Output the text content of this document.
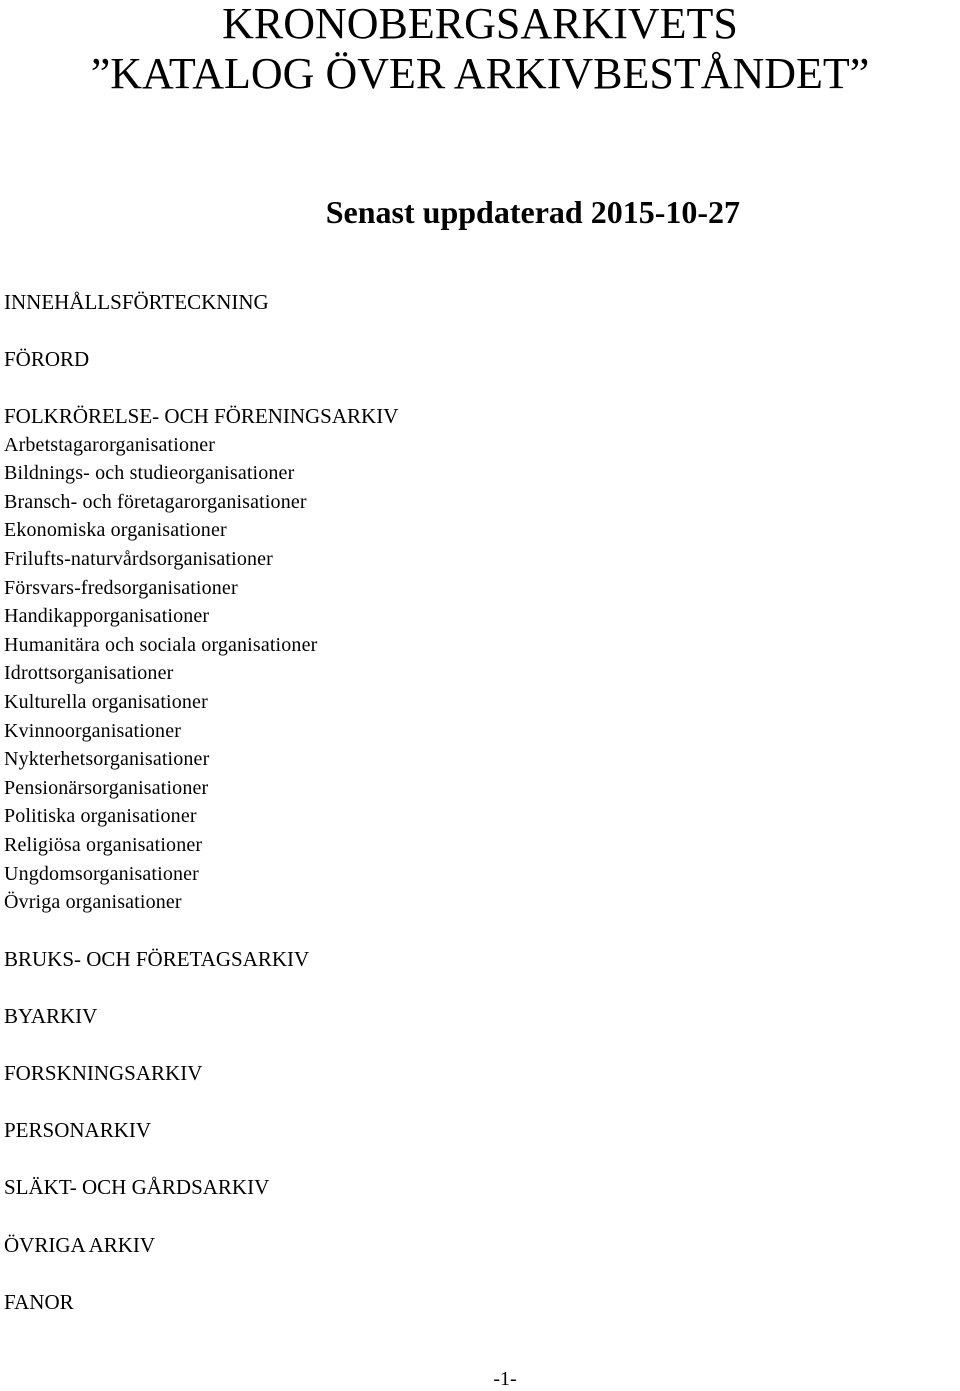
KRONOBERGSARKIVETS
”KATALOG ÖVER ARKIVBESTÅNDET”
Senast uppdaterad 2015-10-27
INNEHÅLLSFÖRTECKNING
FÖRORD
FOLKRÖRELSE- OCH FÖRENINGSARKIV
Arbetstagarorganisationer
Bildnings- och studieorganisationer
Bransch- och företagarorganisationer
Ekonomiska organisationer
Frilufts-naturvårdsorganisationer
Försvars-fredsorganisationer
Handikapporganisationer
Humanitära och sociala organisationer
Idrottsorganisationer
Kulturella organisationer
Kvinnoorganisationer
Nykterhetsorganisationer
Pensionärsorganisationer
Politiska organisationer
Religiösa organisationer
Ungdomsorganisationer
Övriga organisationer
BRUKS- OCH FÖRETAGSARKIV
BYARKIV
FORSKNINGSARKIV
PERSONARKIV
SLÄKT- OCH GÅRDSARKIV
ÖVRIGA ARKIV
FANOR
-1-
